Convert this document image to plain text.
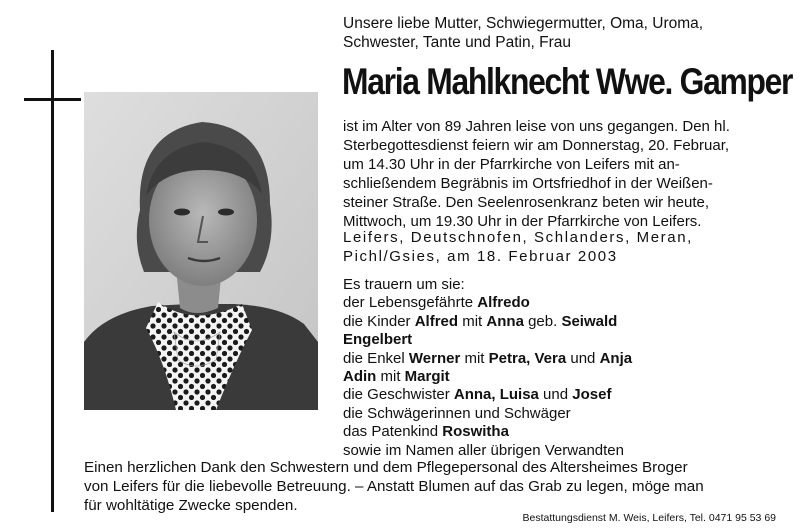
Unsere liebe Mutter, Schwiegermutter, Oma, Uroma,
Schwester, Tante und Patin, Frau
Maria Mahlknecht Wwe. Gamper
ist im Alter von 89 Jahren leise von uns gegangen. Den hl.
Sterbegottesdienst feiern wir am Donnerstag, 20. Februar,
um 14.30 Uhr in der Pfarrkirche von Leifers mit an-
schließendem Begräbnis im Ortsfriedhof in der Weißen-
steiner Straße. Den Seelenrosenkranz beten wir heute,
Mittwoch, um 19.30 Uhr in der Pfarrkirche von Leifers.
Leifers, Deutschnofen, Schlanders, Meran,
Pichl/Gsies, am 18. Februar 2003
Es trauern um sie:
der Lebensgefährte Alfredo
die Kinder Alfred mit Anna geb. Seiwald
Engelbert
die Enkel Werner mit Petra, Vera und Anja
Adin mit Margit
die Geschwister Anna, Luisa und Josef
die Schwägerinnen und Schwäger
das Patenkind Roswitha
sowie im Namen aller übrigen Verwandten
Einen herzlichen Dank den Schwestern und dem Pflegepersonal des Altersheimes Broger
von Leifers für die liebevolle Betreuung. – Anstatt Blumen auf das Grab zu legen, möge man
für wohltätige Zwecke spenden.
Bestattungsdienst M. Weis, Leifers, Tel. 0471 95 53 69
